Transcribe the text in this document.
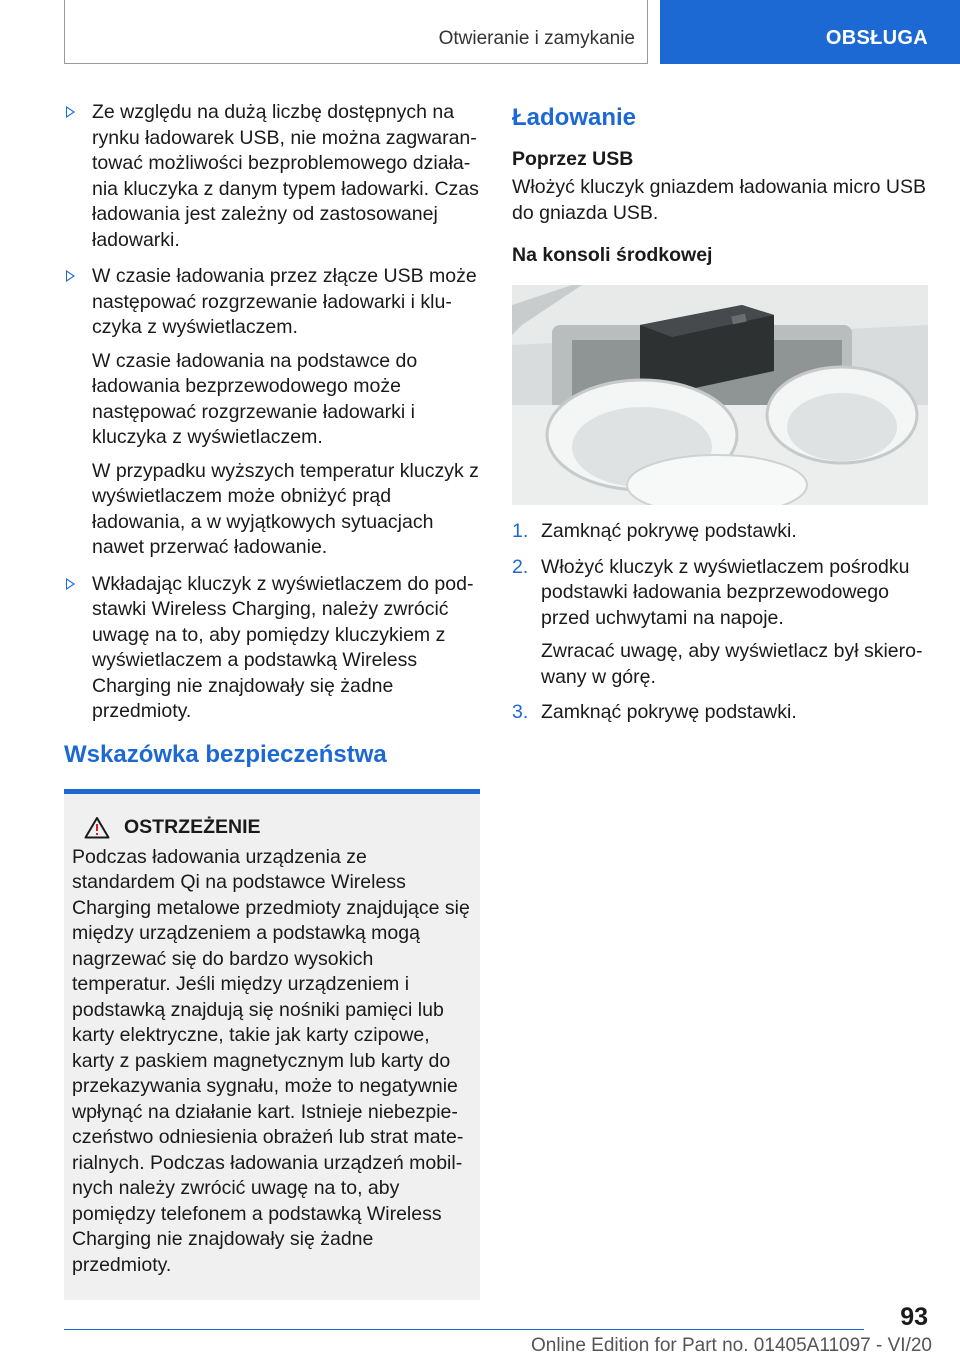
Otwieranie i zamykanie	OBSŁUGA

Ze względu na dużą liczbę dostępnych na rynku ładowarek USB, nie można zagwarantować możliwości bezproblemowego działania kluczyka z danym typem ładowarki. Czas ładowania jest zależny od zastosowanej ładowarki.

W czasie ładowania przez złącze USB może następować rozgrzewanie ładowarki i kluczyka z wyświetlaczem.

W czasie ładowania na podstawce do ładowania bezprzewodowego może następować rozgrzewanie ładowarki i kluczyka z wyświetlaczem.

W przypadku wyższych temperatur kluczyk z wyświetlaczem może obniżyć prąd ładowania, a w wyjątkowych sytuacjach nawet przerwać ładowanie.

Wkładając kluczyk z wyświetlaczem do podstawki Wireless Charging, należy zwrócić uwagę na to, aby pomiędzy kluczykiem z wyświetlaczem a podstawką Wireless Charging nie znajdowały się żadne przedmioty.

Wskazówka bezpieczeństwa
OSTRZEŻENIE

Podczas ładowania urządzenia ze standardem Qi na podstawce Wireless Charging metalowe przedmioty znajdujące się między urządzeniem a podstawką mogą nagrzewać się do bardzo wysokich temperatur. Jeśli między urządzeniem i podstawką znajdują się nośniki pamięci lub karty elektryczne, takie jak karty czipowe, karty z paskiem magnetycznym lub karty do przekazywania sygnału, może to negatywnie wpłynąć na działanie kart. Istnieje niebezpieczeństwo odniesienia obrażeń lub strat materialnych. Podczas ładowania urządzeń mobilnych należy zwrócić uwagę na to, aby pomiędzy telefonem a podstawką Wireless Charging nie znajdowały się żadne przedmioty.

Ładowanie
Poprzez USB

Włożyć kluczyk gniazdem ładowania micro USB do gniazda USB.

Na konsoli środkowej
1. Zamknąć pokrywę podstawki.

2. Włożyć kluczyk z wyświetlaczem pośrodku podstawki ładowania bezprzewodowego przed uchwytami na napoje.

Zwracać uwagę, aby wyświetlacz był skierowany w górę.

3. Zamknąć pokrywę podstawki.

93
Online Edition for Part no. 01405A11097 - VI/20
